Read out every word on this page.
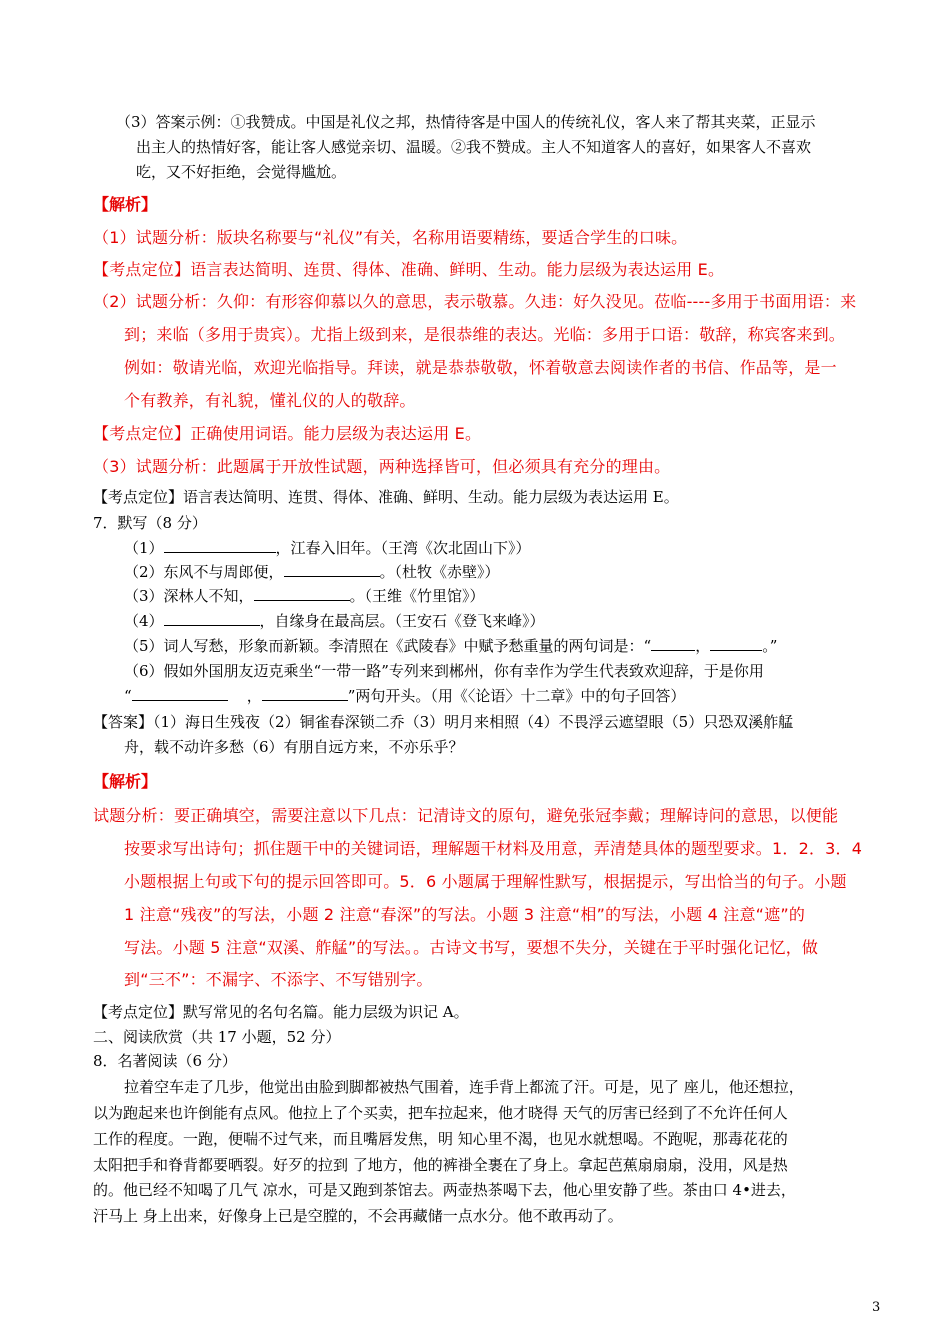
（3）答案示例：①我赞成。中国是礼仪之邦，热情待客是中国人的传统礼仪，客人来了帮其夹菜，正显示
出主人的热情好客，能让客人感觉亲切、温暖。②我不赞成。主人不知道客人的喜好，如果客人不喜欢
吃，又不好拒绝，会觉得尴尬。
【解析】
（1）试题分析：版块名称要与“礼仪”有关，名称用语要精练，要适合学生的口味。
【考点定位】语言表达简明、连贯、得体、准确、鲜明、生动。能力层级为表达运用 E。
（2）试题分析：久仰：有形容仰慕以久的意思，表示敬慕。久违：好久没见。莅临----多用于书面用语：来
到；来临（多用于贵宾）。尤指上级到来，是很恭维的表达。光临：多用于口语：敬辞，称宾客来到。
例如：敬请光临，欢迎光临指导。拜读，就是恭恭敬敬，怀着敬意去阅读作者的书信、作品等，是一
个有教养，有礼貌，懂礼仪的人的敬辞。
【考点定位】正确使用词语。能力层级为表达运用 E。
（3）试题分析：此题属于开放性试题，两种选择皆可，但必须具有充分的理由。
【考点定位】语言表达简明、连贯、得体、准确、鲜明、生动。能力层级为表达运用 E。
7．默写（8 分）
（1）	，江春入旧年。（王湾《次北固山下》）
（2）东风不与周郎便，	。（杜牧《赤壁》）
（3）深林人不知，	。（王维《竹里馆》）
（4）	，自缘身在最高层。（王安石《登飞来峰》）
（5）词人写愁，形象而新颖。李清照在《武陵春》中赋予愁重量的两句词是：“	，	。”
（6）假如外国朋友迈克乘坐“一带一路”专列来到郴州，你有幸作为学生代表致欢迎辞，于是你用
“	，	”两句开头。（用《〈论语〉十二章》中的句子回答）
【答案】（1）海日生残夜（2）铜雀春深锁二乔（3）明月来相照（4）不畏浮云遮望眼（5）只恐双溪舴艋
舟，载不动许多愁（6）有朋自远方来，不亦乐乎？
【解析】
试题分析：要正确填空，需要注意以下几点：记清诗文的原句，避免张冠李戴；理解诗问的意思，以便能
按要求写出诗句；抓住题干中的关键词语，理解题干材料及用意，弄清楚具体的题型要求。1．2．3．4
小题根据上句或下句的提示回答即可。5．6 小题属于理解性默写，根据提示，写出恰当的句子。小题
1 注意“残夜”的写法，小题 2 注意“春深”的写法。小题 3 注意“相”的写法，小题 4 注意“遮”的
写法。小题 5 注意“双溪、舴艋”的写法。。古诗文书写，要想不失分，关键在于平时强化记忆，做
到“三不”：不漏字、不添字、不写错别字。
【考点定位】默写常见的名句名篇。能力层级为识记 A。
二、阅读欣赏（共 17 小题，52 分）
8．名著阅读（6 分）
拉着空车走了几步，他觉出由脸到脚都被热气围着，连手背上都流了汗。可是，见了 座儿，他还想拉，
以为跑起来也许倒能有点风。他拉上了个买卖，把车拉起来，他才晓得 天气的厉害已经到了不允许任何人
工作的程度。一跑，便喘不过气来，而且嘴唇发焦，明 知心里不渴，也见水就想喝。不跑呢，那毒花花的
太阳把手和脊背都要晒裂。好歹的拉到 了地方，他的裤褂全裹在了身上。拿起芭蕉扇扇扇，没用，风是热
的。他已经不知喝了几气 凉水，可是又跑到茶馆去。两壶热茶喝下去，他心里安静了些。茶由口 4•进去，
汗马上 身上出来，好像身上已是空膛的，不会再藏储一点水分。他不敢再动了。
3
